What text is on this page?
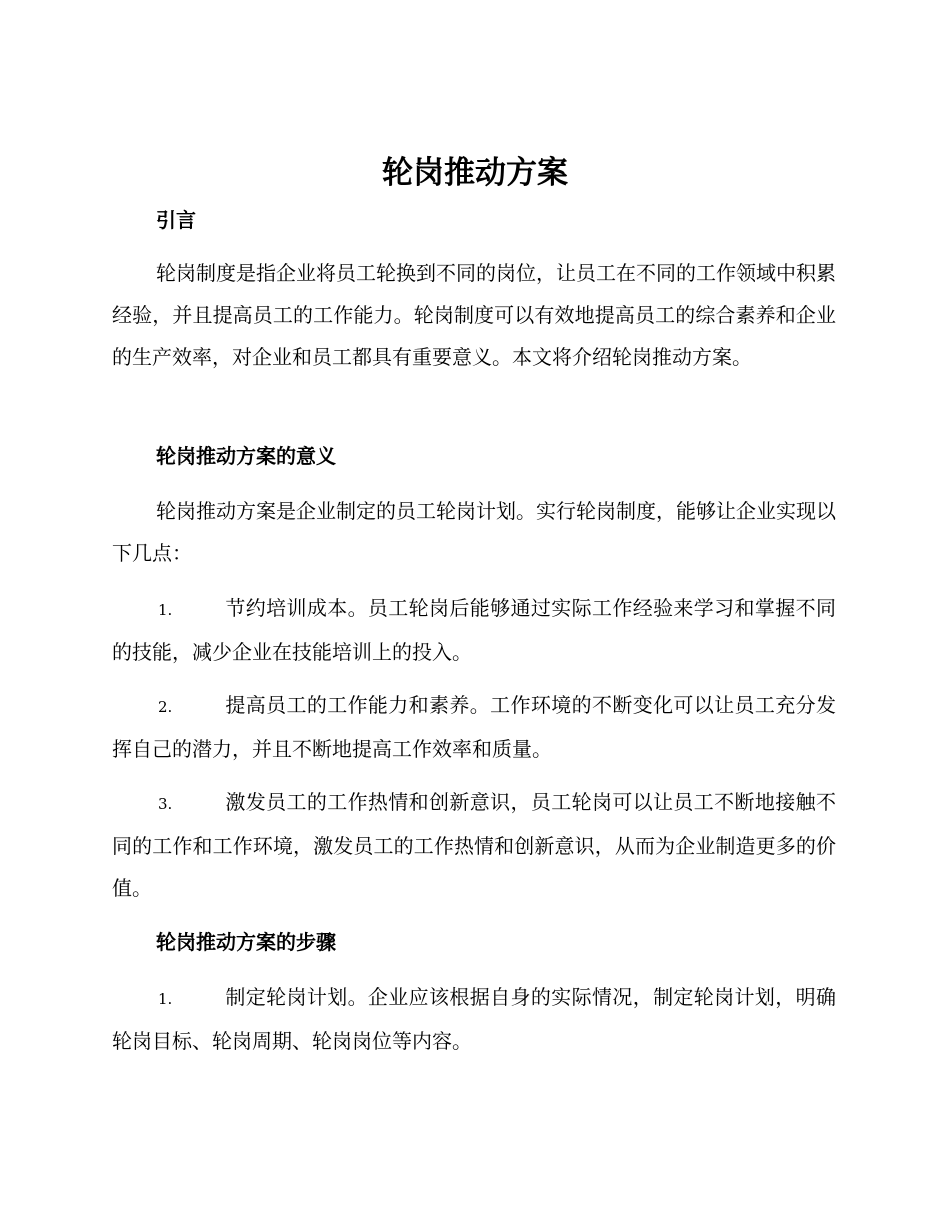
轮岗推动方案
引言

轮岗制度是指企业将员工轮换到不同的岗位，让员工在不同的工作领域中积累经验，并且提高员工的工作能力。轮岗制度可以有效地提高员工的综合素养和企业的生产效率，对企业和员工都具有重要意义。本文将介绍轮岗推动方案。

轮岗推动方案的意义

轮岗推动方案是企业制定的员工轮岗计划。实行轮岗制度，能够让企业实现以下几点：

1.	节约培训成本。员工轮岗后能够通过实际工作经验来学习和掌握不同的技能，减少企业在技能培训上的投入。

2.	提高员工的工作能力和素养。工作环境的不断变化可以让员工充分发挥自己的潜力，并且不断地提高工作效率和质量。

3.	激发员工的工作热情和创新意识，员工轮岗可以让员工不断地接触不同的工作和工作环境，激发员工的工作热情和创新意识，从而为企业制造更多的价值。

轮岗推动方案的步骤

1.	制定轮岗计划。企业应该根据自身的实际情况，制定轮岗计划，明确轮岗目标、轮岗周期、轮岗岗位等内容。
